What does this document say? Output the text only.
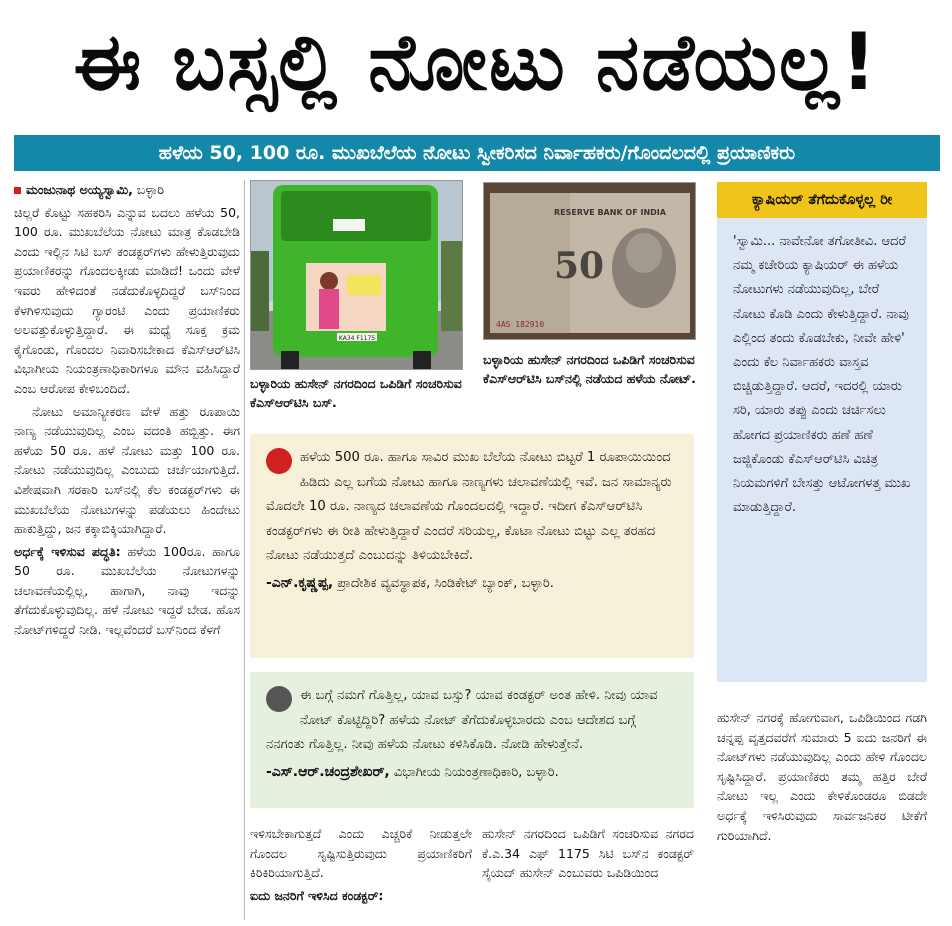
ಈ ಬಸ್ಸಲ್ಲಿ ನೋಟು ನಡೆಯಲ್ಲ!
ಹಳೆಯ 50, 100 ರೂ. ಮುಖಬೆಲೆಯ ನೋಟು ಸ್ವೀಕರಿಸದ ನಿರ್ವಾಹಕರು/ಗೊಂದಲದಲ್ಲಿ ಪ್ರಯಾಣಿಕರು

ಮಂಜುನಾಥ ಅಯ್ಯಸ್ವಾಮಿ, ಬಳ್ಳಾರಿ

ಚಿಲ್ಲರೆ ಕೊಟ್ಟು ಸಹಕರಿಸಿ ಎನ್ನುವ ಬದಲು ಹಳೆಯ 50, 100 ರೂ. ಮುಖಬೆಲೆಯ ನೋಟು ಮಾತ್ರ ಕೊಡಬೇಡಿ ಎಂದು ಇಲ್ಲಿನ ಸಿಟಿ ಬಸ್ ಕಂಡಕ್ಟರ್‌ಗಳು ಹೇಳುತ್ತಿರುವುದು ಪ್ರಯಾಣಿಕರನ್ನು ಗೊಂದಲಕ್ಕೀಡು ಮಾಡಿದೆ! ಒಂದು ವೇಳೆ ಇವರು ಹೇಳಿದಂತೆ ನಡೆದುಕೊಳ್ಳದಿದ್ದರೆ ಬಸ್‌ನಿಂದ ಕೆಳಗಿಳಿಸುವುದು ಗ್ಯಾರಂಟಿ ಎಂದು ಪ್ರಯಾಣಿಕರು ಅಲವತ್ತುಕೊಳ್ಳುತ್ತಿದ್ದಾರೆ. ಈ ಮಧ್ಯೆ ಸೂಕ್ತ ಕ್ರಮ ಕೈಗೊಂಡು, ಗೊಂದಲ ನಿವಾರಿಸಬೇಕಾದ ಕೆಎಸ್‌ಆರ್‌ಟಿಸಿ ವಿಭಾಗೀಯ ನಿಯಂತ್ರಣಾಧಿಕಾರಿಗಳೂ ಮೌನ ವಹಿಸಿದ್ದಾರೆ ಎಂಬ ಆರೋಪ ಕೇಳಿಬಂದಿದೆ.

ನೋಟು ಅಮಾನ್ಯೀಕರಣ ವೇಳೆ ಹತ್ತು ರೂಪಾಯಿ ನಾಣ್ಯ ನಡೆಯುವುದಿಲ್ಲ ಎಂಬ ವದಂತಿ ಹಬ್ಬಿತ್ತು. ಈಗ ಹಳೆಯ 50 ರೂ. ಹಳೆ ನೋಟು ಮತ್ತು 100 ರೂ. ನೋಟು ನಡೆಯುವುದಿಲ್ಲ ಎಂಬುದು ಚರ್ಚೆಯಾಗುತ್ತಿದೆ. ವಿಶೇಷವಾಗಿ ಸರಕಾರಿ ಬಸ್‌ನಲ್ಲಿ ಕೆಲ ಕಂಡಕ್ಟರ್‌ಗಳು ಈ ಮುಖಬೆಲೆಯ ನೋಟುಗಳನ್ನು ಪಡೆಯಲು ಹಿಂದೇಟು ಹಾಕುತ್ತಿದ್ದು, ಜನ ಕಕ್ಕಾಬಿಕ್ಕಿಯಾಗಿದ್ದಾರೆ.

ಅರ್ಧಕ್ಕೆ ಇಳಿಸುವ ಪದ್ಧತಿ: ಹಳೆಯ 100ರೂ. ಹಾಗೂ 50 ರೂ. ಮುಖಬೆಲೆಯ ನೋಟುಗಳನ್ನು ಚಲಾವಣೆಯಲ್ಲಿಲ್ಲ, ಹಾಗಾಗಿ, ನಾವು ಇದನ್ನು ತೆಗೆದುಕೊಳ್ಳುವುದಿಲ್ಲ. ಹಳೆ ನೋಟು ಇದ್ದರೆ ಬೇಡ. ಹೊಸ ನೋಟ್‌ಗಳಿದ್ದರೆ ನೀಡಿ. ಇಲ್ಲವೆಂದರೆ ಬಸ್‌ನಿಂದ ಕೆಳಗೆ

KA34 F1175
ಬಳ್ಳಾರಿಯ ಹುಸೇನ್ ನಗರದಿಂದ ಒಪಿಡಿಗೆ ಸಂಚರಿಸುವ ಕೆಎಸ್‌ಆರ್‌ಟಿಸಿ ಬಸ್.
RESERVE BANK OF INDIA
50
4AS 182910
ಬಳ್ಳಾರಿಯ ಹುಸೇನ್ ನಗರದಿಂದ ಒಪಿಡಿಗೆ ಸಂಚರಿಸುವ ಕೆಎಸ್‌ಆರ್‌ಟಿಸಿ ಬಸ್‌ನಲ್ಲಿ ನಡೆಯದ ಹಳೆಯ ನೋಟ್.
ಹಳೆಯ 500 ರೂ. ಹಾಗೂ ಸಾವಿರ ಮುಖ ಬೆಲೆಯ ನೋಟು ಬಿಟ್ಟರೆ 1 ರೂಪಾಯಿಯಿಂದ ಹಿಡಿದು ಎಲ್ಲ ಬಗೆಯ ನೋಟು ಹಾಗೂ ನಾಣ್ಯಗಳು ಚಲಾವಣೆಯಲ್ಲಿ ಇವೆ. ಜನ ಸಾಮಾನ್ಯರು ಮೊದಲೇ 10 ರೂ. ನಾಣ್ಯದ ಚಲಾವಣೆಯ ಗೊಂದಲದಲ್ಲಿ ಇದ್ದಾರೆ. ಇದೀಗ ಕೆಎಸ್‌ಆರ್‌ಟಿಸಿ ಕಂಡಕ್ಟರ್‌ಗಳು ಈ ರೀತಿ ಹೇಳುತ್ತಿದ್ದಾರೆ ಎಂದರೆ ಸರಿಯಲ್ಲ, ಕೊಟಾ ನೋಟು ಬಿಟ್ಟು ಎಲ್ಲ ತರಹದ ನೋಟು ನಡೆಯುತ್ತದೆ ಎಂಬುದನ್ನು ತಿಳಿಯಬೇಕಿದೆ.
-ಎನ್.ಕೃಷ್ಣಪ್ಪ, ಪ್ರಾದೇಶಿಕ ವ್ಯವಸ್ಥಾಪಕ, ಸಿಂಡಿಕೇಟ್ ಬ್ಯಾಂಕ್, ಬಳ್ಳಾರಿ.
ಈ ಬಗ್ಗೆ ನಮಗೆ ಗೊತ್ತಿಲ್ಲ, ಯಾವ ಬಸ್ಸು? ಯಾವ ಕಂಡಕ್ಟರ್ ಅಂತ ಹೇಳಿ. ನೀವು ಯಾವ ನೋಟ್ ಕೊಟ್ಟಿದ್ದಿರಿ? ಹಳೆಯ ನೋಟ್ ತೆಗೆದುಕೊಳ್ಳಬಾರದು ಎಂಬ ಆದೇಶದ ಬಗ್ಗೆ ನನಗಂತು ಗೊತ್ತಿಲ್ಲ. ನೀವು ಹಳೆಯ ನೋಟು ಕಳಿಸಿಕೊಡಿ. ನೋಡಿ ಹೇಳುತ್ತೇನೆ.
-ಎಸ್.ಆರ್.ಚಂದ್ರಶೇಖರ್, ವಿಭಾಗೀಯ ನಿಯಂತ್ರಣಾಧಿಕಾರಿ, ಬಳ್ಳಾರಿ.

ಇಳಿಸಬೇಕಾಗುತ್ತದೆ ಎಂದು ಎಚ್ಚರಿಕೆ ನೀಡುತ್ತಲೇ ಗೊಂದಲ ಸೃಷ್ಟಿಸುತ್ತಿರುವುದು ಪ್ರಯಾಣಿಕರಿಗೆ ಕಿರಿಕಿರಿಯಾಗುತ್ತಿದೆ.

ಐದು ಜನರಿಗೆ ಇಳಿಸಿದ ಕಂಡಕ್ಟರ್:

ಹುಸೇನ್ ನಗರದಿಂದ ಒಪಿಡಿಗೆ ಸಂಚರಿಸುವ ನಗರದ ಕೆ.ಎ.34 ಎಫ್ 1175 ಸಿಟಿ ಬಸ್‌ನ ಕಂಡಕ್ಟರ್ ಸೈಯದ್ ಹುಸೇನ್ ಎಂಬುವರು ಒಪಿಡಿಯಿಂದ

ಕ್ಯಾಷಿಯರ್ ತೆಗೆದುಕೊಳ್ಳಲ್ಲ ರೀ
'ಸ್ವಾಮಿ... ನಾವೇನೋ ತಗೋತೀವಿ. ಆದರೆ ನಮ್ಮ ಕಚೇರಿಯ ಕ್ಯಾಷಿಯರ್ ಈ ಹಳೆಯ ನೋಟುಗಳು ನಡೆಯುವುದಿಲ್ಲ, ಬೇರೆ ನೋಟು ಕೊಡಿ ಎಂದು ಕೇಳುತ್ತಿದ್ದಾರೆ. ನಾವು ಎಲ್ಲಿಂದ ತಂದು ಕೊಡಬೇಕು, ನೀವೇ ಹೇಳಿ' ಎಂದು ಕೆಲ ನಿರ್ವಾಹಕರು ವಾಸ್ತವ ಬಿಚ್ಚಿಡುತ್ತಿದ್ದಾರೆ. ಆದರೆ, ಇದರಲ್ಲಿ ಯಾರು ಸರಿ, ಯಾರು ತಪ್ಪು ಎಂದು ಚರ್ಚಿಸಲು ಹೋಗದ ಪ್ರಯಾಣಿಕರು ಹಣೆ ಹಣೆ ಜಜ್ಜಿಕೊಂಡು ಕೆಎಸ್‌ಆರ್‌ಟಿಸಿ ವಿಚಿತ್ರ ನಿಯಮಗಳಿಗೆ ಬೇಸತ್ತು ಆಟೋಗಳತ್ತ ಮುಖ ಮಾಡುತ್ತಿದ್ದಾರೆ.

ಹುಸೇನ್ ನಗರಕ್ಕೆ ಹೋಗುವಾಗ, ಒಪಿಡಿಯಿಂದ ಗಡಗಿ ಚನ್ನಪ್ಪ ವೃತ್ತದವರೆಗೆ ಸುಮಾರು 5 ಐದು ಜನರಿಗೆ ಈ ನೋಟ್‌ಗಳು ನಡೆಯುವುದಿಲ್ಲ ಎಂದು ಹೇಳಿ ಗೊಂದಲ ಸೃಷ್ಟಿಸಿದ್ದಾರೆ. ಪ್ರಯಾಣಿಕರು ತಮ್ಮ ಹತ್ತಿರ ಬೇರೆ ನೋಟು ಇಲ್ಲ ಎಂದು ಕೇಳಿಕೊಂಡರೂ ಬಿಡದೇ ಅರ್ಧಕ್ಕೆ ಇಳಿಸಿರುವುದು ಸಾರ್ವಜನಿಕರ ಟೀಕೆಗೆ ಗುರಿಯಾಗಿದೆ.
